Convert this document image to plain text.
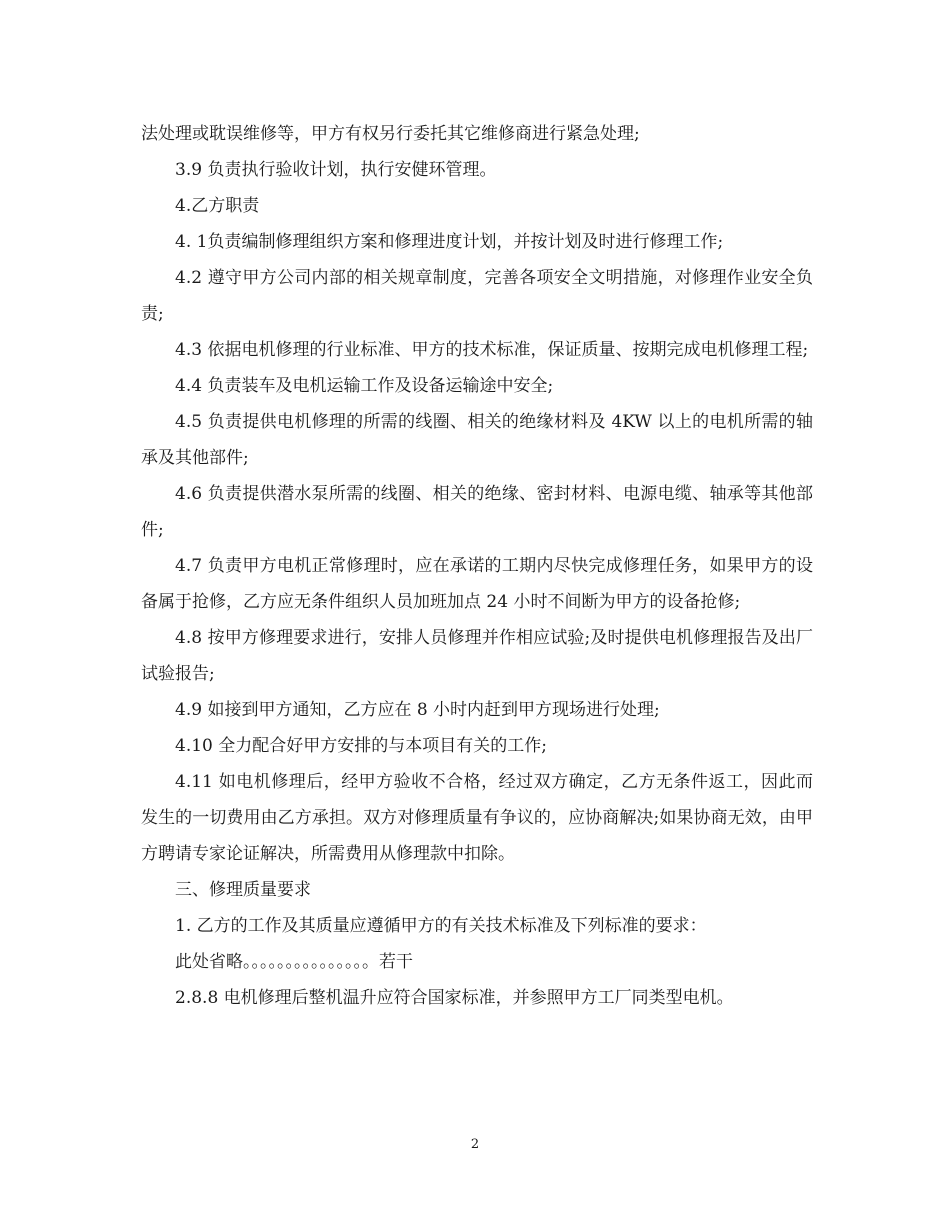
法处理或耽误维修等，甲方有权另行委托其它维修商进行紧急处理;

3.9 负责执行验收计划，执行安健环管理。

4.乙方职责

4. 1负责编制修理组织方案和修理进度计划，并按计划及时进行修理工作;

4.2 遵守甲方公司内部的相关规章制度，完善各项安全文明措施，对修理作业安全负责;

4.3 依据电机修理的行业标准、甲方的技术标准，保证质量、按期完成电机修理工程;

4.4 负责装车及电机运输工作及设备运输途中安全;

4.5 负责提供电机修理的所需的线圈、相关的绝缘材料及 4KW 以上的电机所需的轴承及其他部件;

4.6 负责提供潜水泵所需的线圈、相关的绝缘、密封材料、电源电缆、轴承等其他部件;

4.7 负责甲方电机正常修理时，应在承诺的工期内尽快完成修理任务，如果甲方的设备属于抢修，乙方应无条件组织人员加班加点 24 小时不间断为甲方的设备抢修;

4.8 按甲方修理要求进行，安排人员修理并作相应试验;及时提供电机修理报告及出厂试验报告;

4.9 如接到甲方通知，乙方应在 8 小时内赶到甲方现场进行处理;

4.10 全力配合好甲方安排的与本项目有关的工作;

4.11 如电机修理后，经甲方验收不合格，经过双方确定，乙方无条件返工，因此而发生的一切费用由乙方承担。双方对修理质量有争议的，应协商解决;如果协商无效，由甲方聘请专家论证解决，所需费用从修理款中扣除。

三、修理质量要求

1. 乙方的工作及其质量应遵循甲方的有关技术标准及下列标准的要求：

此处省略。。。。。。。。。。。。。。。若干

2.8.8 电机修理后整机温升应符合国家标准，并参照甲方工厂同类型电机。

2
